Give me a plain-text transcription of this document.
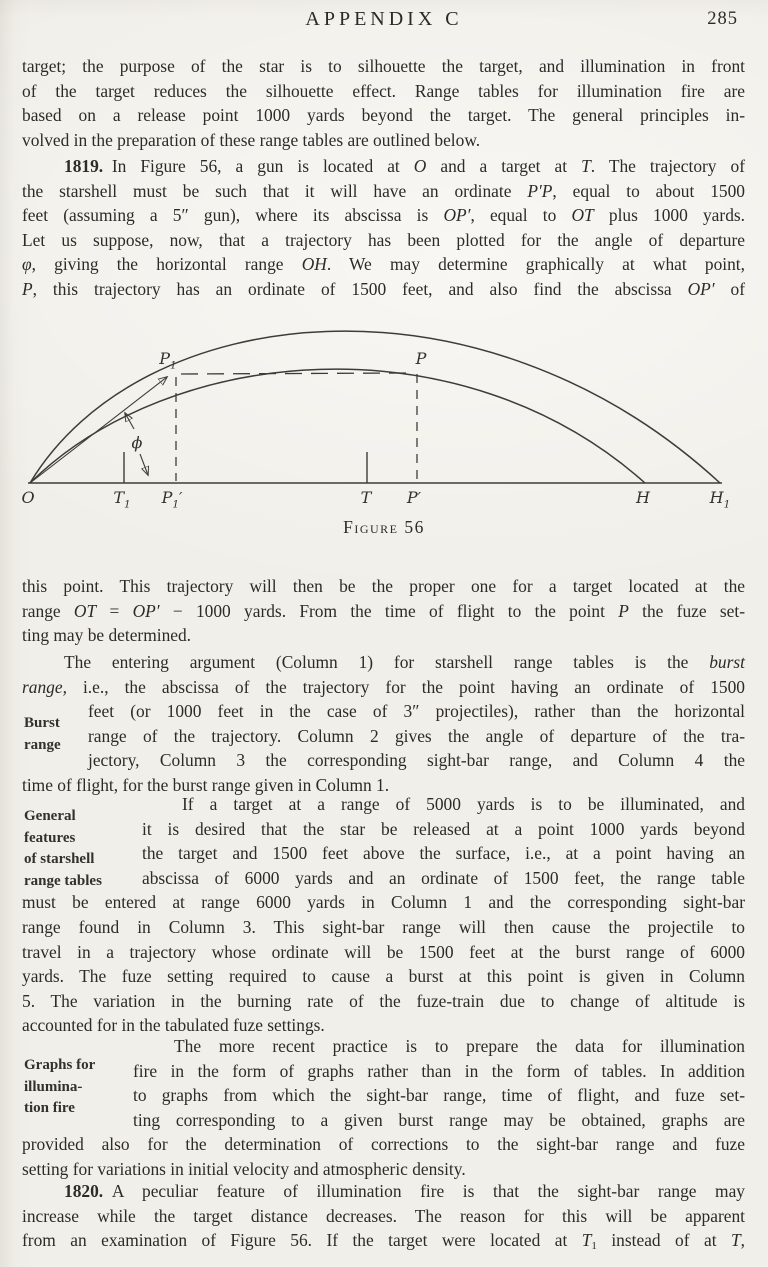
APPENDIX C	285
target; the purpose of the star is to silhouette the target, and illumination in front
of the target reduces the silhouette effect. Range tables for illumination fire are
based on a release point 1000 yards beyond the target. The general principles in-
volved in the preparation of these range tables are outlined below.
1819. In Figure 56, a gun is located at O and a target at T. The trajectory of
the starshell must be such that it will have an ordinate P′P, equal to about 1500
feet (assuming a 5″ gun), where its abscissa is OP′, equal to OT plus 1000 yards.
Let us suppose, now, that a trajectory has been plotted for the angle of departure
φ, giving the horizontal range OH. We may determine graphically at what point,
P, this trajectory has an ordinate of 1500 feet, and also find the abscissa OP′ of
this point. This trajectory will then be the proper one for a target located at the
range OT = OP′ − 1000 yards. From the time of flight to the point P the fuze set-
ting may be determined.
The entering argument (Column 1) for starshell range tables is the burst
range, i.e., the abscissa of the trajectory for the point having an ordinate of 1500
feet (or 1000 feet in the case of 3″ projectiles), rather than the horizontal
range of the trajectory. Column 2 gives the angle of departure of the tra-
jectory, Column 3 the corresponding sight-bar range, and Column 4 the
time of flight, for the burst range given in Column 1.
If a target at a range of 5000 yards is to be illuminated, and
it is desired that the star be released at a point 1000 yards beyond
the target and 1500 feet above the surface, i.e., at a point having an
abscissa of 6000 yards and an ordinate of 1500 feet, the range table
must be entered at range 6000 yards in Column 1 and the corresponding sight-bar
range found in Column 3. This sight-bar range will then cause the projectile to
travel in a trajectory whose ordinate will be 1500 feet at the burst range of 6000
yards. The fuze setting required to cause a burst at this point is given in Column
5. The variation in the burning rate of the fuze-train due to change of altitude is
accounted for in the tabulated fuze settings.
The more recent practice is to prepare the data for illumination
fire in the form of graphs rather than in the form of tables. In addition
to graphs from which the sight-bar range, time of flight, and fuze set-
ting corresponding to a given burst range may be obtained, graphs are
provided also for the determination of corrections to the sight-bar range and fuze
setting for variations in initial velocity and atmospheric density.
1820. A peculiar feature of illumination fire is that the sight-bar range may
increase while the target distance decreases. The reason for this will be apparent
from an examination of Figure 56. If the target were located at T1 instead of at T,
O	$T_1$ $P_1'$	T P′	H	$H_1$
$P_1$	P
ϕ
Figure 56
Burst
range
General
features
of starshell
range tables
Graphs for
illumina-
tion fire
